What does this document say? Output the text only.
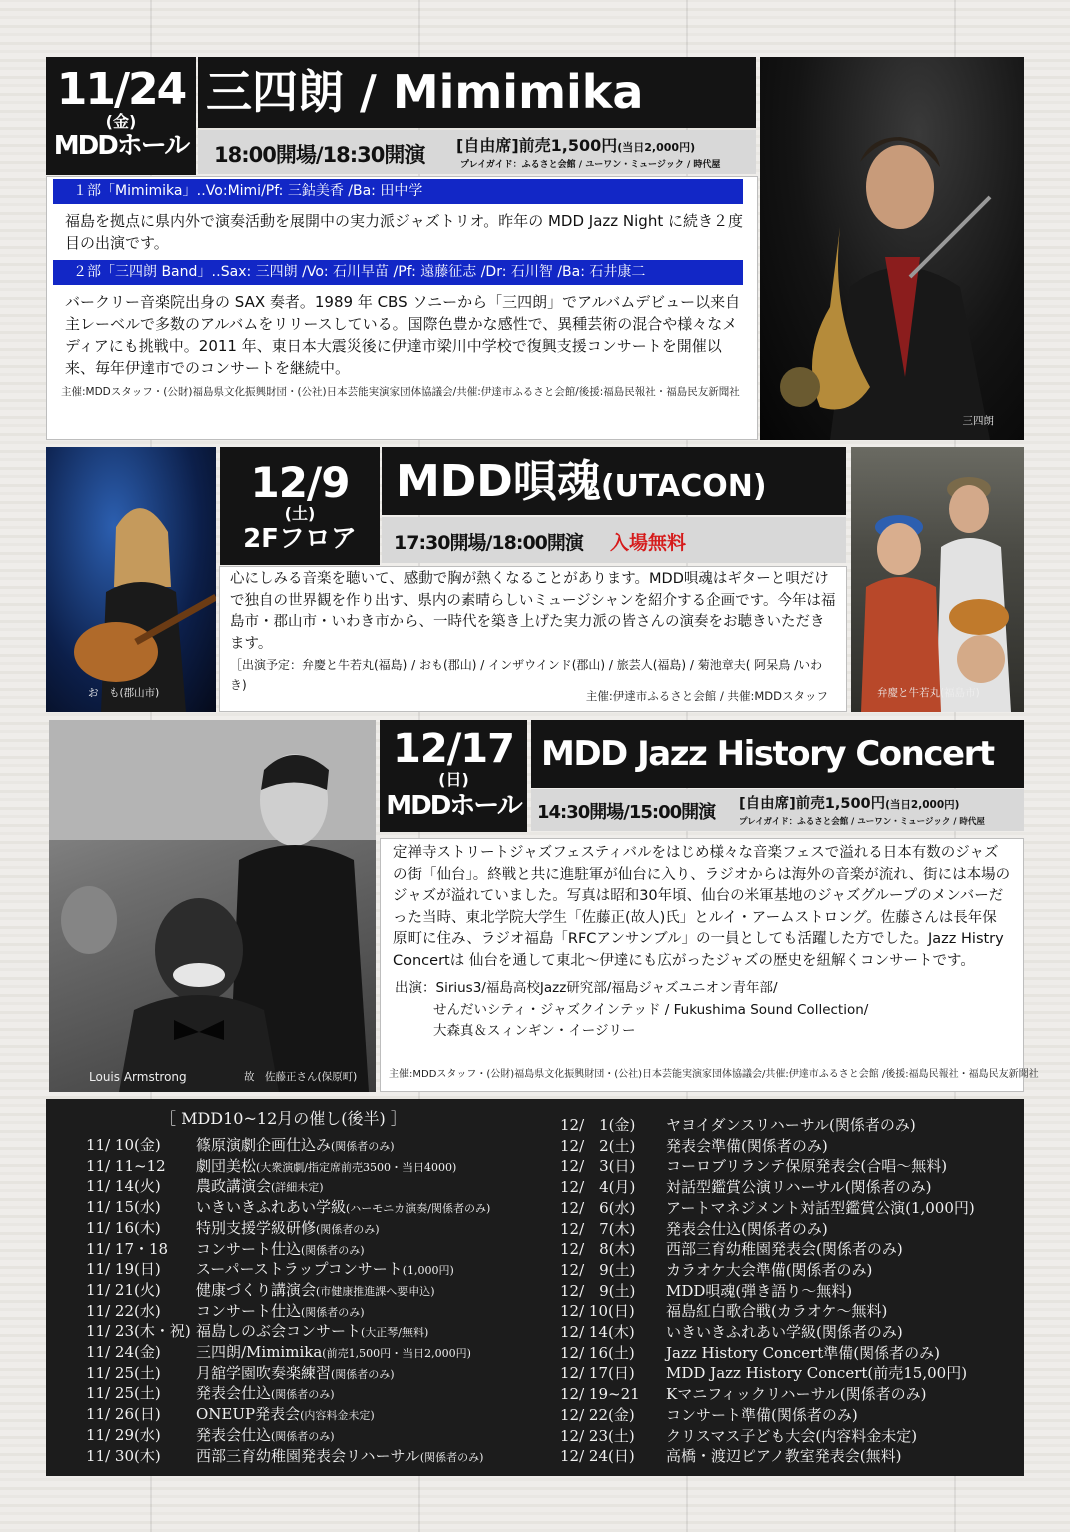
11/24
(金)
MDDホール
三四朗 / Mimimika
18:00開場/18:30開演 [自由席]前売1,500円(当日2,000円)
プレイガイド：ふるさと会館 / ユーワン・ミュージック / 時代屋
１部「Mimimika」‥Vo:Mimi/Pf: 三鈷美香 /Ba: 田中学
福島を拠点に県内外で演奏活動を展開中の実力派ジャズトリオ。昨年の MDD Jazz Night に続き２度目の出演です。
２部「三四朗 Band」‥Sax: 三四朗 /Vo: 石川早苗 /Pf: 遠藤征志 /Dr: 石川智 /Ba: 石井康二
バークリー音楽院出身の SAX 奏者。1989 年 CBS ソニーから「三四朗」でアルバムデビュー以来自主レーベルで多数のアルバムをリリースしている。国際色豊かな感性で、異種芸術の混合や様々なメディアにも挑戦中。2011 年、東日本大震災後に伊達市梁川中学校で復興支援コンサートを開催以来、毎年伊達市でのコンサートを継続中。
主催:MDDスタッフ・(公財)福島県文化振興財団・(公社)日本芸能実演家団体協議会/共催:伊達市ふるさと会館/後援:福島民報社・福島民友新聞社
三四朗
お　も(郡山市)
12/9
(土)
2Fフロア
MDD唄魂(UTACON)
17:30開場/18:00開演 入場無料
心にしみる音楽を聴いて、感動で胸が熱くなることがあります。MDD唄魂はギターと唄だけで独自の世界観を作り出す、県内の素晴らしいミュージシャンを紹介する企画です。今年は福島市・郡山市・いわき市から、一時代を築き上げた実力派の皆さんの演奏をお聴きいただきます。
［出演予定：弁慶と牛若丸(福島) / おも(郡山) / インザウインド(郡山) / 旅芸人(福島) / 菊池章夫( 阿呆鳥 /いわき)
主催:伊達市ふるさと会館 / 共催:MDDスタッフ	弁慶と牛若丸(福島市)
Louis Armstrong	故　佐藤正さん(保原町)
12/17
(日)
MDDホール
MDD Jazz History Concert
14:30開場/15:00開演 [自由席]前売1,500円(当日2,000円)
プレイガイド：ふるさと会館 / ユーワン・ミュージック / 時代屋
定禅寺ストリートジャズフェスティバルをはじめ様々な音楽フェスで溢れる日本有数のジャズの街「仙台」。終戦と共に進駐軍が仙台に入り、ラジオからは海外の音楽が流れ、街には本場のジャズが溢れていました。写真は昭和30年頃、仙台の米軍基地のジャズグループのメンバーだった当時、東北学院大学生「佐藤正(故人)氏」とルイ・アームストロング。佐藤さんは長年保原町に住み、ラジオ福島「RFCアンサンブル」の一員としても活躍した方でした。Jazz Histry Concertは 仙台を通して東北〜伊達にも広がったジャズの歴史を紐解くコンサートです。
出演：Sirius3/福島高校Jazz研究部/福島ジャズユニオン青年部/
せんだいシティ・ジャズクインテッド / Fukushima Sound Collection/
大森真＆スィンギン・イージリー
主催:MDDスタッフ・(公財)福島県文化振興財団・(公社)日本芸能実演家団体協議会/共催:伊達市ふるさと会館 /後援:福島民報社・福島民友新聞社
［ MDD10~12月の催し(後半) ］
11/ 10(金) 篠原演劇企画仕込み(関係者のみ)
11/ 11~12 劇団美松(大衆演劇/指定席前売3500・当日4000)
11/ 14(火) 農政講演会(詳細未定)
11/ 15(水) いきいきふれあい学級(ハーモニカ演奏/関係者のみ)
11/ 16(木) 特別支援学級研修(関係者のみ)
11/ 17・18 コンサート仕込(関係者のみ)
11/ 19(日) スーパーストラップコンサート(1,000円)
11/ 21(火) 健康づくり講演会(市健康推進課へ要申込)
11/ 22(水) コンサート仕込(関係者のみ)
11/ 23(木・祝) 福島しのぶ会コンサート(大正琴/無料)
11/ 24(金) 三四朗/Mimimika(前売1,500円・当日2,000円)
11/ 25(土) 月舘学園吹奏楽練習(関係者のみ)
11/ 25(土) 発表会仕込(関係者のみ)
11/ 26(日) ONEUP発表会(内容料金未定)
11/ 29(水) 発表会仕込(関係者のみ)
11/ 30(木) 西部三育幼稚園発表会リハーサル(関係者のみ)
12/　1(金) ヤヨイダンスリハーサル(関係者のみ)
12/　2(土) 発表会準備(関係者のみ)
12/　3(日) コーロブリランテ保原発表会(合唱〜無料)
12/　4(月) 対話型鑑賞公演リハーサル(関係者のみ)
12/　6(水) アートマネジメント対話型鑑賞公演(1,000円)
12/　7(木) 発表会仕込(関係者のみ)
12/　8(木) 西部三育幼稚園発表会(関係者のみ)
12/　9(土) カラオケ大会準備(関係者のみ)
12/　9(土) MDD唄魂(弾き語り〜無料)
12/ 10(日) 福島紅白歌合戦(カラオケ〜無料)
12/ 14(木) いきいきふれあい学級(関係者のみ)
12/ 16(土) Jazz History Concert準備(関係者のみ)
12/ 17(日) MDD Jazz History Concert(前売15,00円)
12/ 19~21 Kマニフィックリハーサル(関係者のみ)
12/ 22(金) コンサート準備(関係者のみ)
12/ 23(土) クリスマス子ども大会(内容料金未定)
12/ 24(日) 高橋・渡辺ピアノ教室発表会(無料)
